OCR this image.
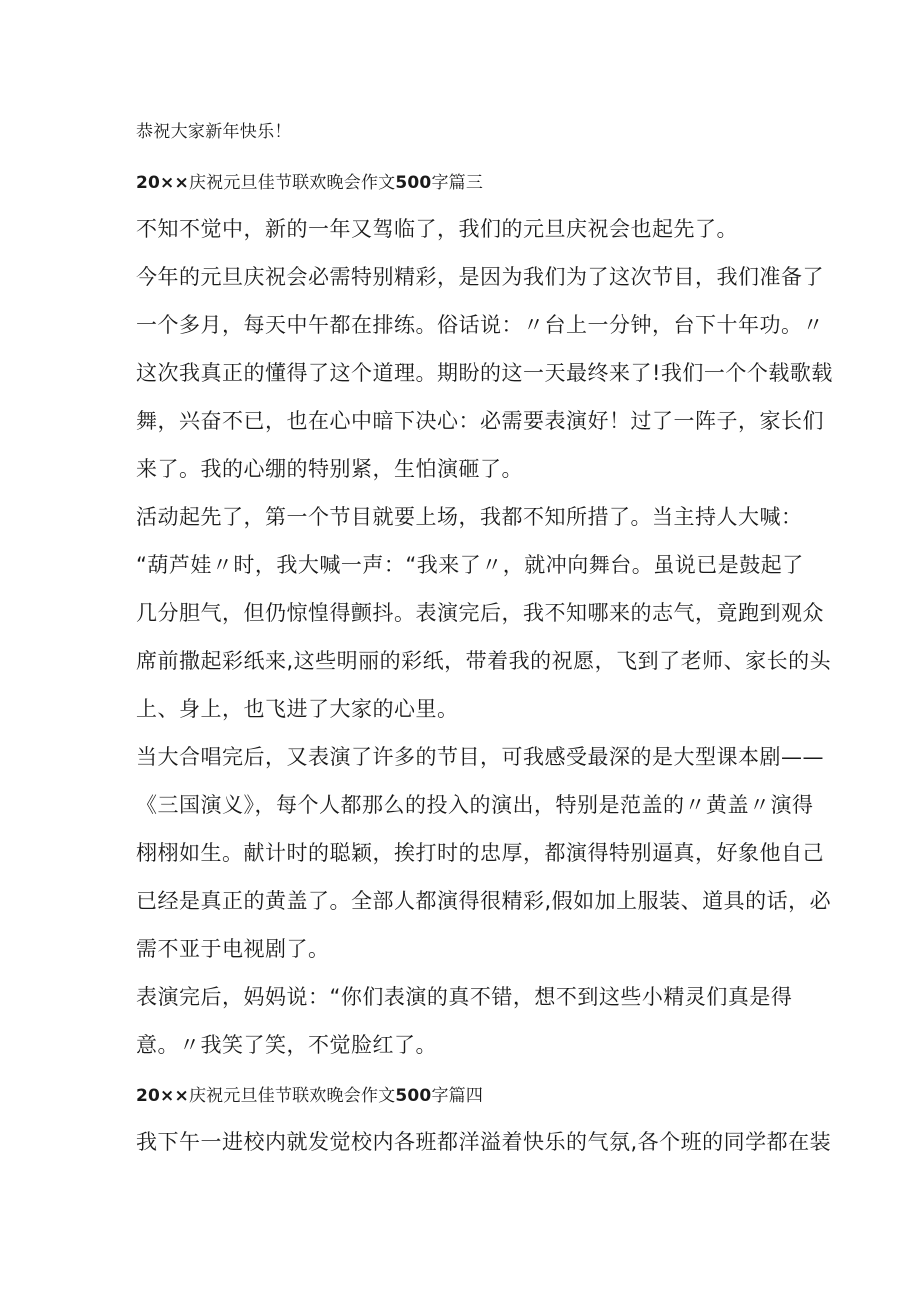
恭祝大家新年快乐！
20××庆祝元旦佳节联欢晚会作文500字篇三
不知不觉中，新的一年又驾临了，我们的元旦庆祝会也起先了。
今年的元旦庆祝会必需特别精彩，是因为我们为了这次节目，我们准备了
一个多月，每天中午都在排练。俗话说：〃台上一分钟，台下十年功。〃
这次我真正的懂得了这个道理。期盼的这一天最终来了!我们一个个载歌载
舞，兴奋不已，也在心中暗下决心：必需要表演好！过了一阵子，家长们
来了。我的心绷的特别紧，生怕演砸了。
活动起先了，第一个节目就要上场，我都不知所措了。当主持人大喊：
“葫芦娃〃时，我大喊一声：“我来了〃，就冲向舞台。虽说已是鼓起了
几分胆气，但仍惊惶得颤抖。表演完后，我不知哪来的志气，竟跑到观众
席前撒起彩纸来,这些明丽的彩纸，带着我的祝愿，飞到了老师、家长的头
上、身上，也飞进了大家的心里。
当大合唱完后，又表演了许多的节目，可我感受最深的是大型课本剧——
《三国演义》，每个人都那么的投入的演出，特别是范盖的〃黄盖〃演得
栩栩如生。献计时的聪颖，挨打时的忠厚，都演得特别逼真，好象他自己
已经是真正的黄盖了。全部人都演得很精彩,假如加上服装、道具的话，必
需不亚于电视剧了。
表演完后，妈妈说：“你们表演的真不错，想不到这些小精灵们真是得
意。〃我笑了笑，不觉脸红了。
20××庆祝元旦佳节联欢晚会作文500字篇四
我下午一进校内就发觉校内各班都洋溢着快乐的气氛,各个班的同学都在装
